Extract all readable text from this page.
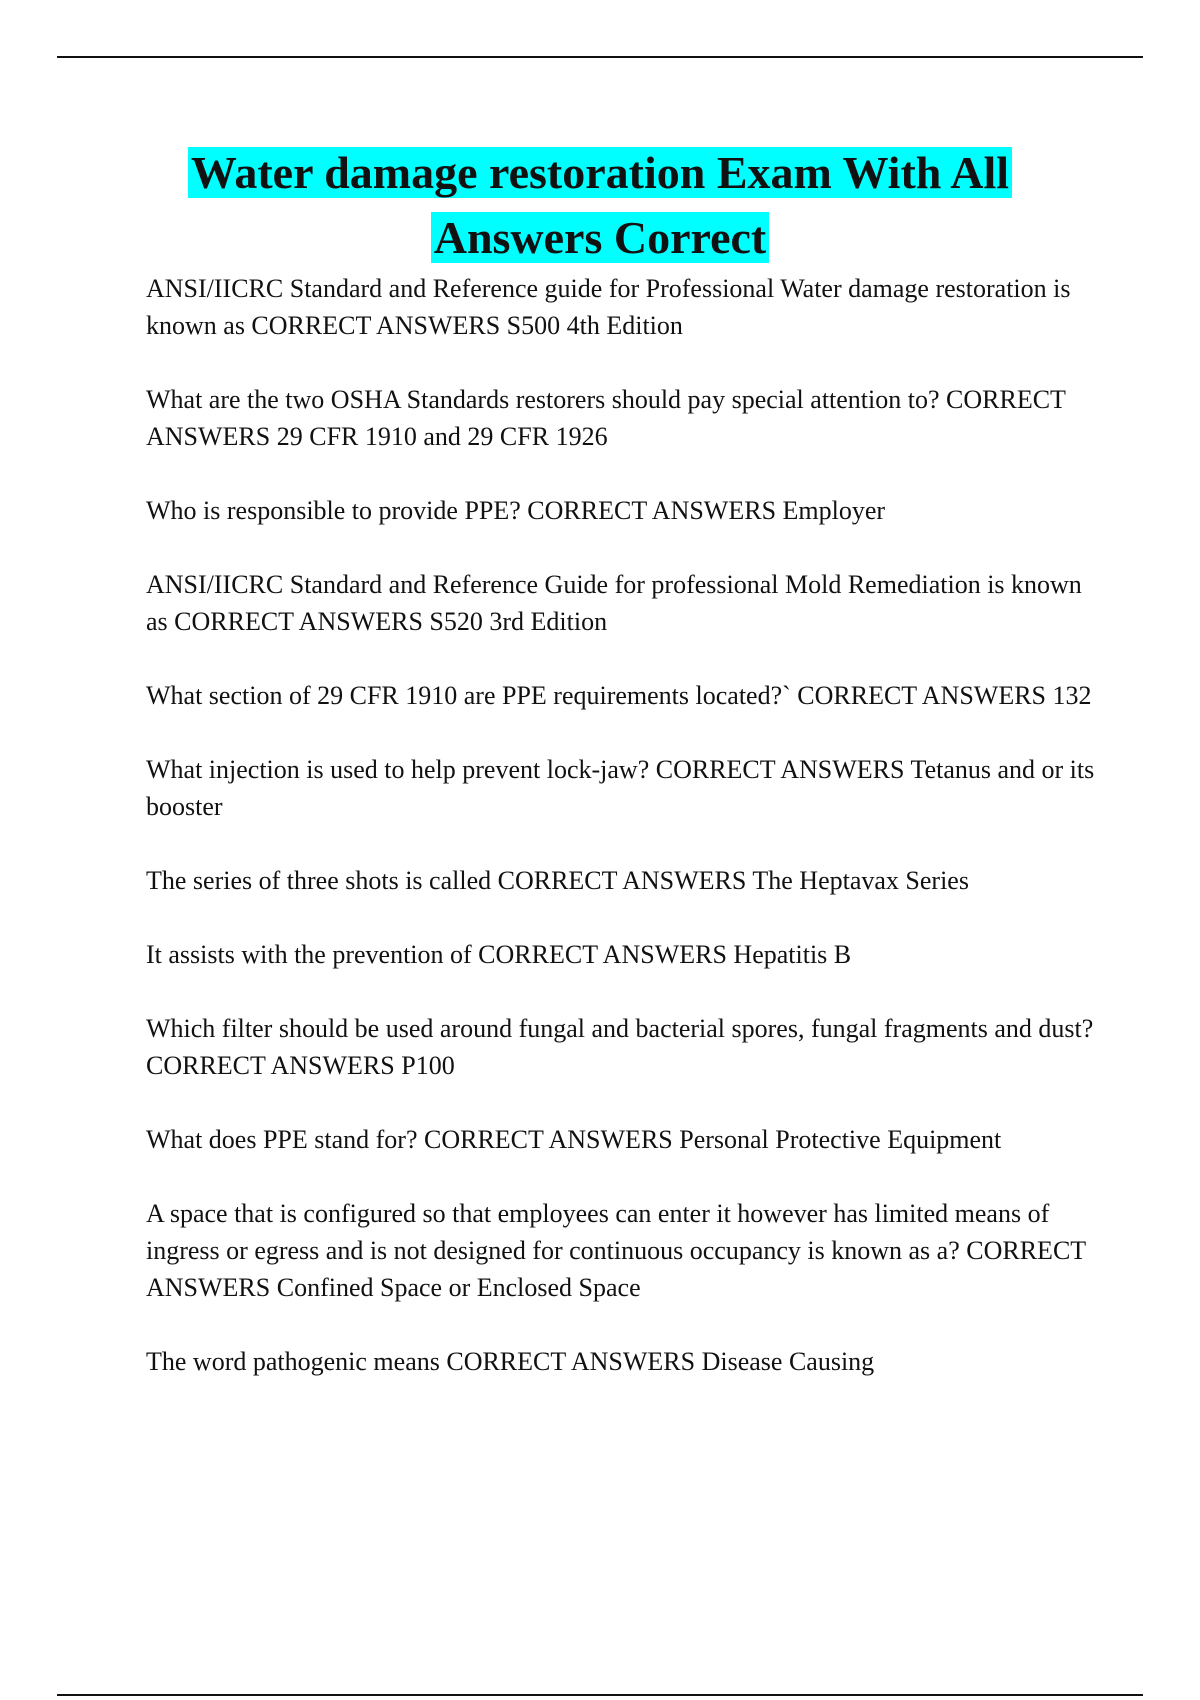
Water damage restoration Exam With All
Answers Correct
ANSI/IICRC Standard and Reference guide for Professional Water damage restoration is known as CORRECT ANSWERS S500 4th Edition
What are the two OSHA Standards restorers should pay special attention to? CORRECT ANSWERS 29 CFR 1910 and 29 CFR 1926
Who is responsible to provide PPE? CORRECT ANSWERS Employer
ANSI/IICRC Standard and Reference Guide for professional Mold Remediation is known as CORRECT ANSWERS S520 3rd Edition
What section of 29 CFR 1910 are PPE requirements located?` CORRECT ANSWERS 132
What injection is used to help prevent lock-jaw? CORRECT ANSWERS Tetanus and or its booster
The series of three shots is called CORRECT ANSWERS The Heptavax Series
It assists with the prevention of CORRECT ANSWERS Hepatitis B
Which filter should be used around fungal and bacterial spores, fungal fragments and dust? CORRECT ANSWERS P100
What does PPE stand for? CORRECT ANSWERS Personal Protective Equipment
A space that is configured so that employees can enter it however has limited means of ingress or egress and is not designed for continuous occupancy is known as a? CORRECT ANSWERS Confined Space or Enclosed Space
The word pathogenic means CORRECT ANSWERS Disease Causing
